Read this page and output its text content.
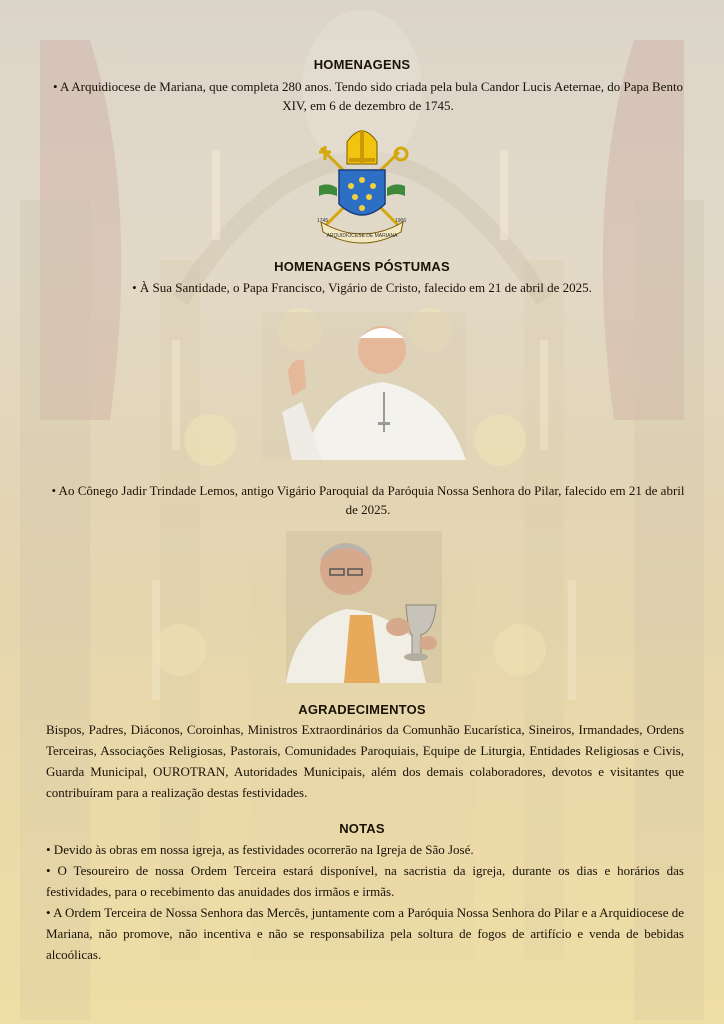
HOMENAGENS
• A Arquidiocese de Mariana, que completa 280 anos. Tendo sido criada pela bula Candor Lucis Aeternae, do Papa Bento XIV, em 6 de dezembro de 1745.
1745	1906
ARQUIDIOCESE DE MARIANA
HOMENAGENS PÓSTUMAS
• À Sua Santidade, o Papa Francisco, Vigário de Cristo, falecido em 21 de abril de 2025.
• Ao Cônego Jadir Trindade Lemos, antigo Vigário Paroquial da Paróquia Nossa Senhora do Pilar, falecido em 21 de abril de 2025.
AGRADECIMENTOS
Bispos, Padres, Diáconos, Coroinhas, Ministros Extraordinários da Comunhão Eucarística, Sineiros, Irmandades, Ordens Terceiras, Associações Religiosas, Pastorais, Comunidades Paroquiais, Equipe de Liturgia, Entidades Religiosas e Civis, Guarda Municipal, OUROTRAN, Autoridades Municipais, além dos demais colaboradores, devotos e visitantes que contribuíram para a realização destas festividades.
NOTAS

• Devido às obras em nossa igreja, as festividades ocorrerão na Igreja de São José.

• O Tesoureiro de nossa Ordem Terceira estará disponível, na sacristia da igreja, durante os dias e horários das festividades, para o recebimento das anuidades dos irmãos e irmãs.

• A Ordem Terceira de Nossa Senhora das Mercês, juntamente com a Paróquia Nossa Senhora do Pilar e a Arquidiocese de Mariana, não promove, não incentiva e não se responsabiliza pela soltura de fogos de artifício e venda de bebidas alcoólicas.
